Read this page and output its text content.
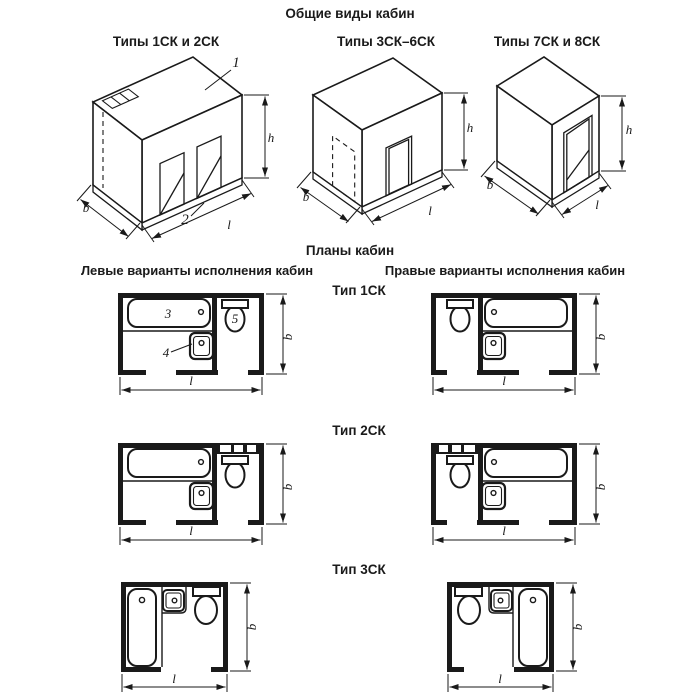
Общие виды кабин
Типы 1СК и 2СК	Типы 3СК–6СК	Типы 7СК и 8СК
1
2
h
l
b
h
l
b
h
l
b
Планы кабин
Левые варианты исполнения кабин	Правые варианты исполнения кабин
Тип 1СК
3
4
5
l
b
l
b
Тип 2СК
l
b
l
b
Тип 3СК
l
b
l
b
